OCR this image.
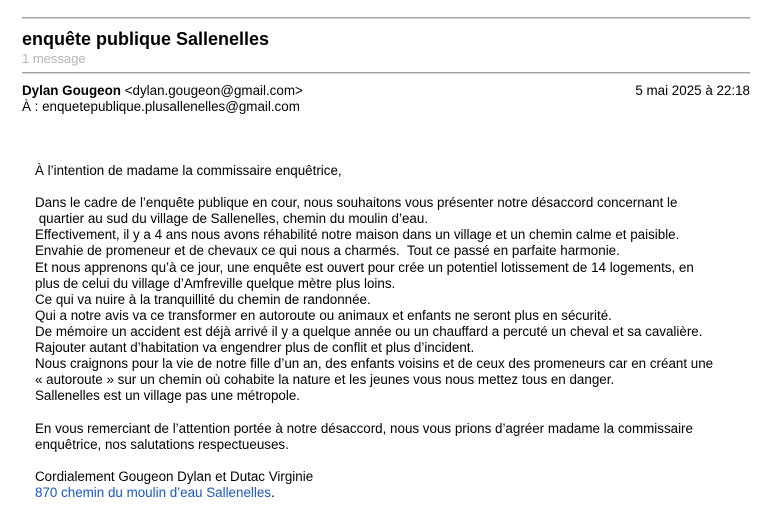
enquête publique Sallenelles
1 message
Dylan Gougeon <dylan.gougeon@gmail.com>	5 mai 2025 à 22:18
À : enquetepublique.plusallenelles@gmail.com
À l’intention de madame la commissaire enquêtrice,
Dans le cadre de l’enquête publique en cour, nous souhaitons vous présenter notre désaccord concernant le
quartier au sud du village de Sallenelles, chemin du moulin d’eau.
Effectivement, il y a 4 ans nous avons réhabilité notre maison dans un village et un chemin calme et paisible.
Envahie de promeneur et de chevaux ce qui nous a charmés.  Tout ce passé en parfaite harmonie.
Et nous apprenons qu’à ce jour, une enquête est ouvert pour crée un potentiel lotissement de 14 logements, en
plus de celui du village d’Amfreville quelque mètre plus loins.
Ce qui va nuire à la tranquillité du chemin de randonnée.
Qui a notre avis va ce transformer en autoroute ou animaux et enfants ne seront plus en sécurité.
De mémoire un accident est déjà arrivé il y a quelque année ou un chauffard a percuté un cheval et sa cavalière.
Rajouter autant d’habitation va engendrer plus de conflit et plus d’incident.
Nous craignons pour la vie de notre fille d’un an, des enfants voisins et de ceux des promeneurs car en créant une
« autoroute » sur un chemin où cohabite la nature et les jeunes vous nous mettez tous en danger.
Sallenelles est un village pas une métropole.
En vous remerciant de l’attention portée à notre désaccord, nous vous prions d’agréer madame la commissaire
enquêtrice, nos salutations respectueuses.
Cordialement Gougeon Dylan et Dutac Virginie
870 chemin du moulin d’eau Sallenelles.
